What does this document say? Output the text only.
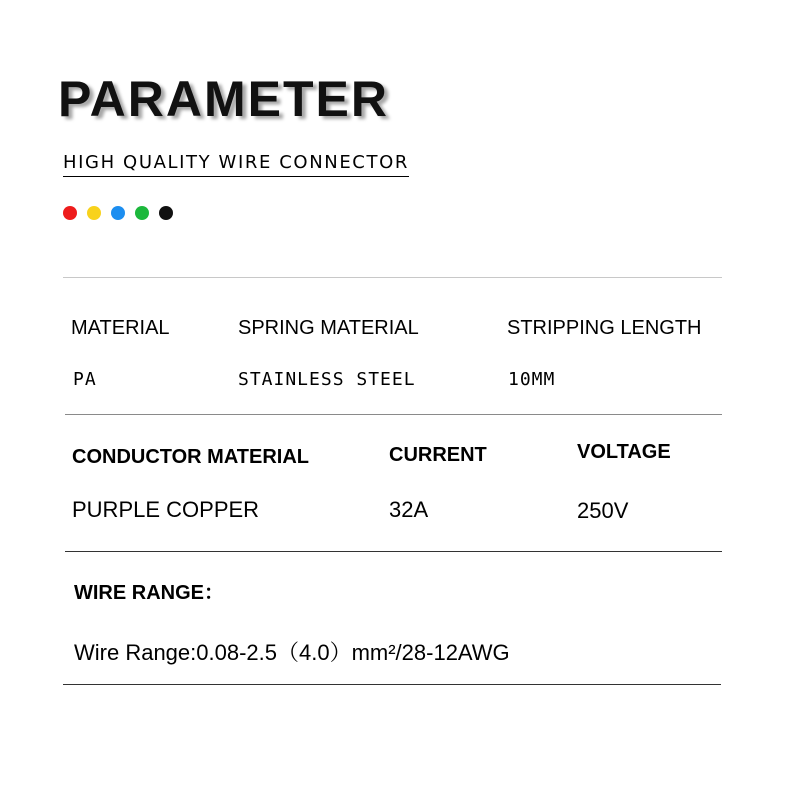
PARAMETER
HIGH QUALITY WIRE CONNECTOR
MATERIAL	SPRING MATERIAL	STRIPPING LENGTH
PA	STAINLESS STEEL	10MM
CONDUCTOR MATERIAL	CURRENT	VOLTAGE
PURPLE COPPER	32A	250V
WIRE RANGE：
Wire Range:0.08-2.5（4.0）mm²/28-12AWG
